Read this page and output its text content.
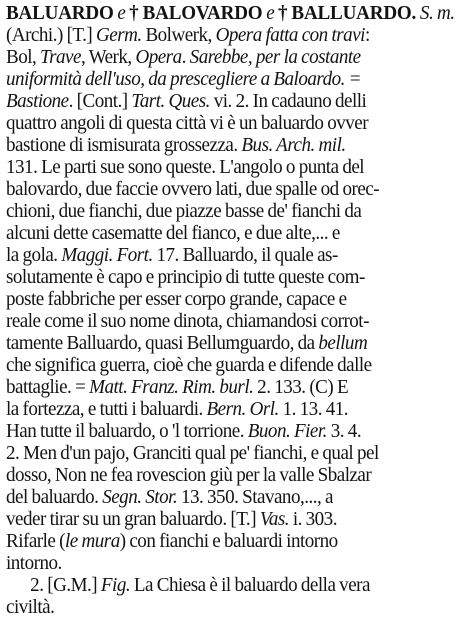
BALUARDO e † BALOVARDO e † BALLUARDO. S. m.
(Archi.) [T.] Germ. Bolwerk, Opera fatta con travi:
Bol, Trave, Werk, Opera. Sarebbe, per la costante
uniformità dell'uso, da prescegliere a Baloardo. =
Bastione. [Cont.] Tart. Ques. vi. 2. In cadauno delli
quattro angoli di questa città vi è un baluardo ovver
bastione di ismisurata grossezza. Bus. Arch. mil.
131. Le parti sue sono queste. L'angolo o punta del
balovardo, due faccie ovvero lati, due spalle od orec-
chioni, due fianchi, due piazze basse de' fianchi da
alcuni dette casematte del fianco, e due alte,... e
la gola. Maggi. Fort. 17. Balluardo, il quale as-
solutamente è capo e principio di tutte queste com-
poste fabbriche per esser corpo grande, capace e
reale come il suo nome dinota, chiamandosi corrot-
tamente Balluardo, quasi Bellumguardo, da bellum
che significa guerra, cioè che guarda e difende dalle
battaglie. = Matt. Franz. Rim. burl. 2. 133. (C) E
la fortezza, e tutti i baluardi. Bern. Orl. 1. 13. 41.
Han tutte il baluardo, o 'l torrione. Buon. Fier. 3. 4.
2. Men d'un pajo, Granciti qual pe' fianchi, e qual pel
dosso, Non ne fea rovescion giù per la valle Sbalzar
del baluardo. Segn. Stor. 13. 350. Stavano,..., a
veder tirar su un gran baluardo. [T.] Vas. i. 303.
Rifarle (le mura) con fianchi e baluardi intorno
intorno.
2. [G.M.] Fig. La Chiesa è il baluardo della vera
civiltà.
